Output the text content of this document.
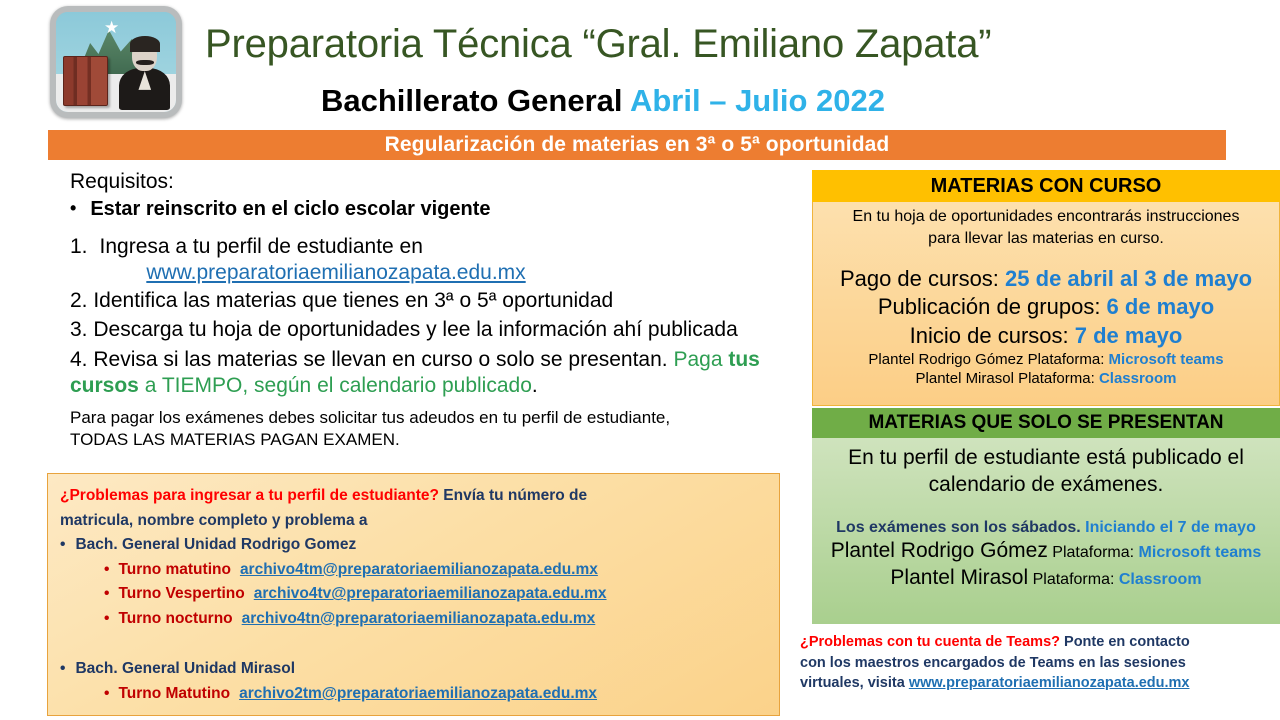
★ Preparatoria Técnica “Gral. Emiliano Zapata”
Bachillerato General Abril – Julio 2022
Regularización de materias en 3ª o 5ª oportunidad

Requisitos:

• Estar reinscrito en el ciclo escolar vigente
1. Ingresa a tu perfil de estudiante en
www.preparatoriaemilianozapata.edu.mx

2. Identifica las materias que tienes en 3ª o 5ª oportunidad

3. Descarga tu hoja de oportunidades y lee la información ahí publicada

4. Revisa si las materias se llevan en curso o solo se presentan. Paga tus cursos a TIEMPO, según el calendario publicado.

Para pagar los exámenes debes solicitar tus adeudos en tu perfil de estudiante,
TODAS LAS MATERIAS PAGAN EXAMEN.
¿Problemas para ingresar a tu perfil de estudiante? Envía tu número de
matricula, nombre completo y problema a
• Bach. General Unidad Rodrigo Gomez
• Turno matutino archivo4tm@preparatoriaemilianozapata.edu.mx
• Turno Vespertino archivo4tv@preparatoriaemilianozapata.edu.mx
• Turno nocturno archivo4tn@preparatoriaemilianozapata.edu.mx
• Bach. General Unidad Mirasol
• Turno Matutino archivo2tm@preparatoriaemilianozapata.edu.mx
En tu hoja de oportunidades encontrarás instrucciones
para llevar las materias en curso.
Pago de cursos: 25 de abril al 3 de mayo
Publicación de grupos: 6 de mayo
Inicio de cursos: 7 de mayo
Plantel Rodrigo Gómez Plataforma: Microsoft teams
Plantel Mirasol Plataforma: Classroom
MATERIAS CON CURSO
MATERIAS QUE SOLO SE PRESENTAN
En tu perfil de estudiante está publicado el
calendario de exámenes.
Los exámenes son los sábados. Iniciando el 7 de mayo
Plantel Rodrigo Gómez Plataforma: Microsoft teams
Plantel Mirasol Plataforma: Classroom
¿Problemas con tu cuenta de Teams? Ponte en contacto
con los maestros encargados de Teams en las sesiones
virtuales, visita www.preparatoriaemilianozapata.edu.mx
